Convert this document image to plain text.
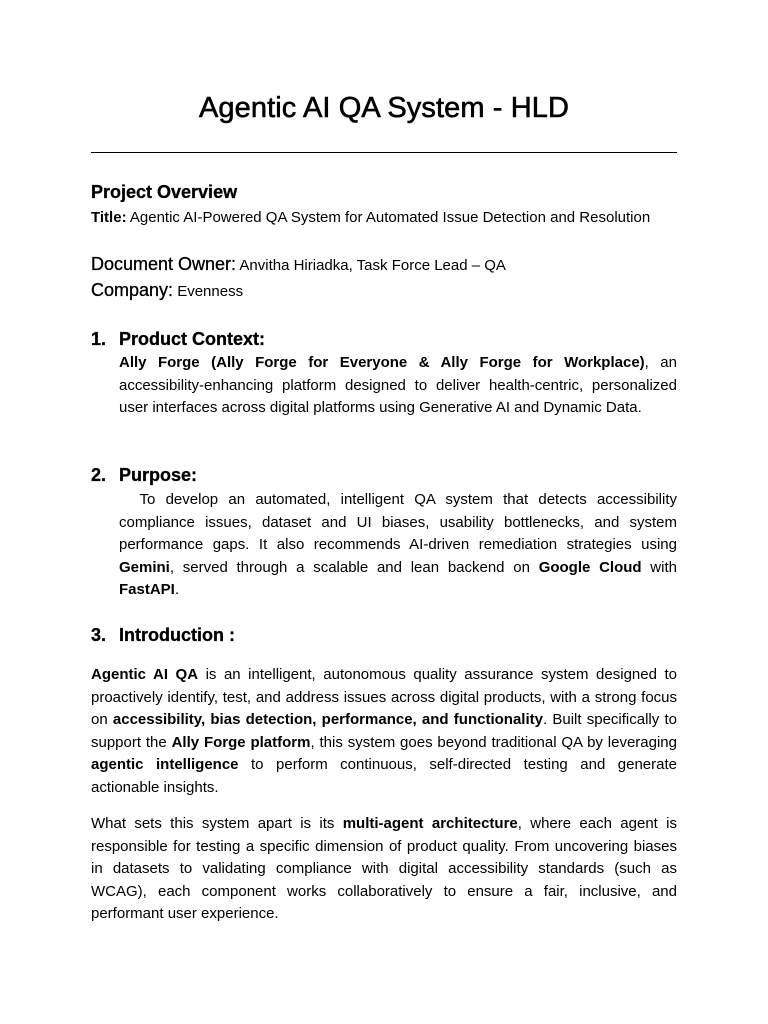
Agentic AI QA System - HLD
Project Overview

Title: Agentic AI-Powered QA System for Automated Issue Detection and Resolution

Document Owner: Anvitha Hiriadka, Task Force Lead – QA

Company: Evenness

1. Product Context:

Ally Forge (Ally Forge for Everyone & Ally Forge for Workplace), an accessibility-enhancing platform designed to deliver health-centric, personalized user interfaces across digital platforms using Generative AI and Dynamic Data.

2. Purpose:

To develop an automated, intelligent QA system that detects accessibility compliance issues, dataset and UI biases, usability bottlenecks, and system performance gaps. It also recommends AI-driven remediation strategies using Gemini, served through a scalable and lean backend on Google Cloud with FastAPI.

3. Introduction :

Agentic AI QA is an intelligent, autonomous quality assurance system designed to proactively identify, test, and address issues across digital products, with a strong focus on accessibility, bias detection, performance, and functionality. Built specifically to support the Ally Forge platform, this system goes beyond traditional QA by leveraging agentic intelligence to perform continuous, self-directed testing and generate actionable insights.

What sets this system apart is its multi-agent architecture, where each agent is responsible for testing a specific dimension of product quality. From uncovering biases in datasets to validating compliance with digital accessibility standards (such as WCAG), each component works collaboratively to ensure a fair, inclusive, and performant user experience.
